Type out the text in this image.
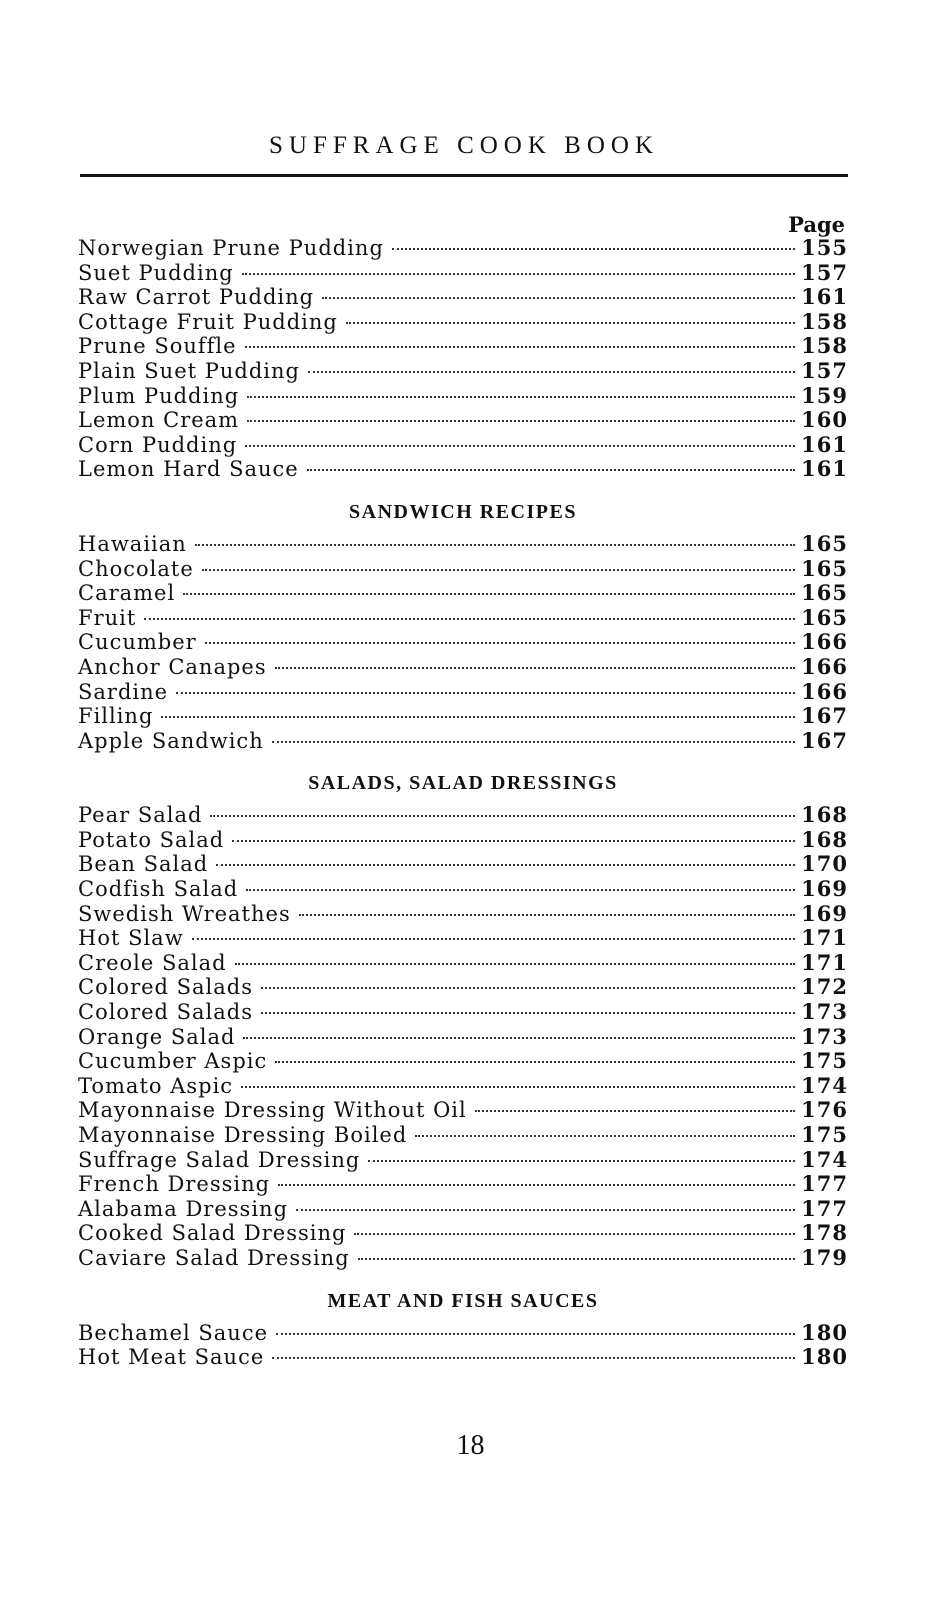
SUFFRAGE COOK BOOK
Page
Norwegian Prune Pudding	155
Suet Pudding	157
Raw Carrot Pudding	161
Cottage Fruit Pudding	158
Prune Souffle	158
Plain Suet Pudding	157
Plum Pudding	159
Lemon Cream	160
Corn Pudding	161
Lemon Hard Sauce	161
SANDWICH RECIPES
Hawaiian	165
Chocolate	165
Caramel	165
Fruit	165
Cucumber	166
Anchor Canapes	166
Sardine	166
Filling	167
Apple Sandwich	167
SALADS, SALAD DRESSINGS
Pear Salad	168
Potato Salad	168
Bean Salad	170
Codfish Salad	169
Swedish Wreathes	169
Hot Slaw	171
Creole Salad	171
Colored Salads	172
Colored Salads	173
Orange Salad	173
Cucumber Aspic	175
Tomato Aspic	174
Mayonnaise Dressing Without Oil	176
Mayonnaise Dressing Boiled	175
Suffrage Salad Dressing	174
French Dressing	177
Alabama Dressing	177
Cooked Salad Dressing	178
Caviare Salad Dressing	179
MEAT AND FISH SAUCES
Bechamel Sauce	180
Hot Meat Sauce	180
18
